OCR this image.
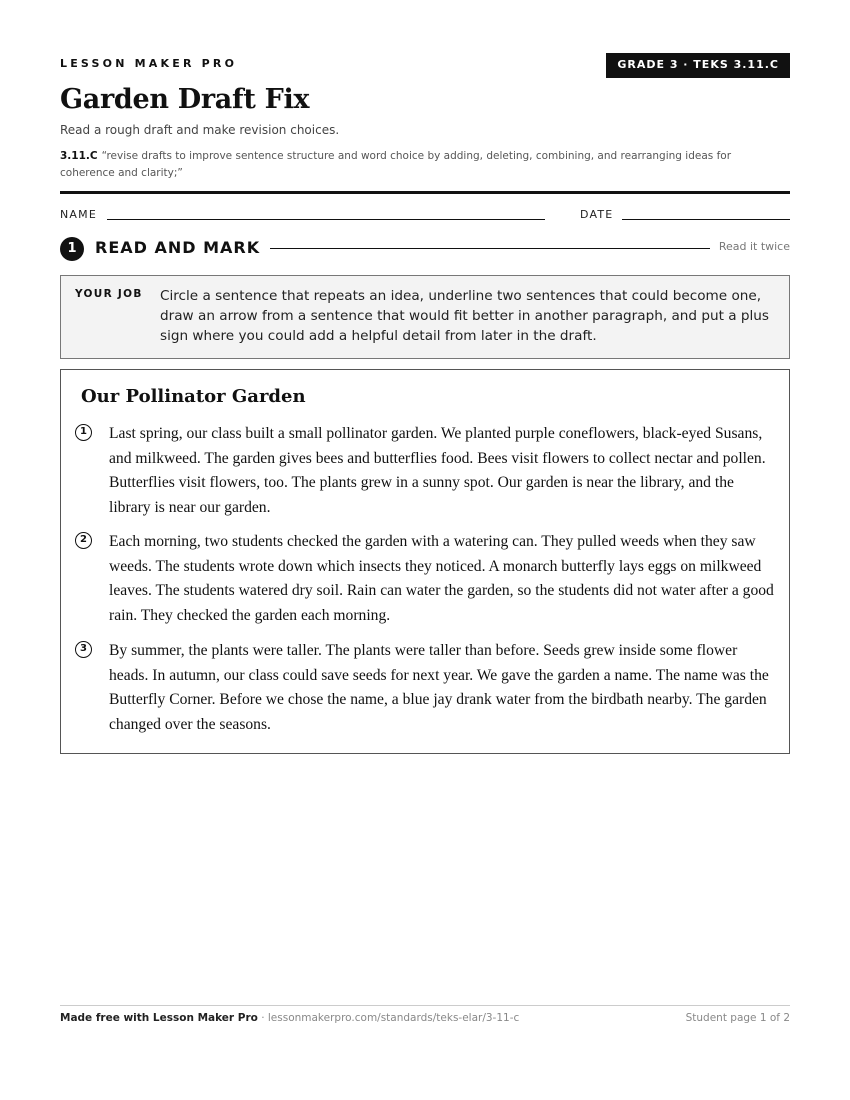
LESSON MAKER PRO	GRADE 3 · TEKS 3.11.C
Garden Draft Fix
Read a rough draft and make revision choices.
3.11.C “revise drafts to improve sentence structure and word choice by adding, deleting, combining, and rearranging ideas for coherence and clarity;”
NAME	DATE
1	READ AND MARK	Read it twice
YOUR JOB Circle a sentence that repeats an idea, underline two sentences that could become one, draw an arrow from a sentence that would fit better in another paragraph, and put a plus sign where you could add a helpful detail from later in the draft.
Our Pollinator Garden
1	Last spring, our class built a small pollinator garden. We planted purple coneflowers, black-eyed Susans, and milkweed. The garden gives bees and butterflies food. Bees visit flowers to collect nectar and pollen. Butterflies visit flowers, too. The plants grew in a sunny spot. Our garden is near the library, and the library is near our garden.
2	Each morning, two students checked the garden with a watering can. They pulled weeds when they saw weeds. The students wrote down which insects they noticed. A monarch butterfly lays eggs on milkweed leaves. The students watered dry soil. Rain can water the garden, so the students did not water after a good rain. They checked the garden each morning.
3	By summer, the plants were taller. The plants were taller than before. Seeds grew inside some flower heads. In autumn, our class could save seeds for next year. We gave the garden a name. The name was the Butterfly Corner. Before we chose the name, a blue jay drank water from the birdbath nearby. The garden changed over the seasons.
Made free with Lesson Maker Pro · lessonmakerpro.com/standards/teks-elar/3-11-c	Student page 1 of 2
